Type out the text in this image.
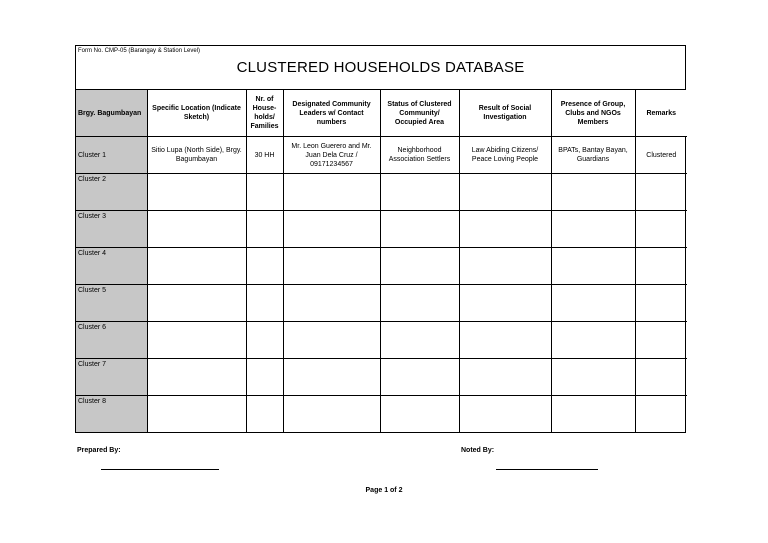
Form No. CMP-05 (Barangay & Station Level)
CLUSTERED HOUSEHOLDS DATABASE
Brgy. Bagumbayan	Specific Location (Indicate Sketch)	Nr. of House-holds/ Families	Designated Community Leaders w/ Contact numbers	Status of Clustered Community/ Occupied Area	Result of Social Investigation	Presence of Group, Clubs and NGOs Members	Remarks
Cluster 1	Sitio Lupa (North Side), Brgy. Bagumbayan	30 HH	Mr. Leon Guerero and Mr. Juan Dela Cruz / 09171234567	Neighborhood Association Settlers	Law Abiding Citizens/ Peace Loving People	BPATs, Bantay Bayan, Guardians	Clustered
Cluster 2							
Cluster 3							
Cluster 4							
Cluster 5							
Cluster 6							
Cluster 7							
Cluster 8							
Prepared By:	Noted By:
Page 1 of 2
